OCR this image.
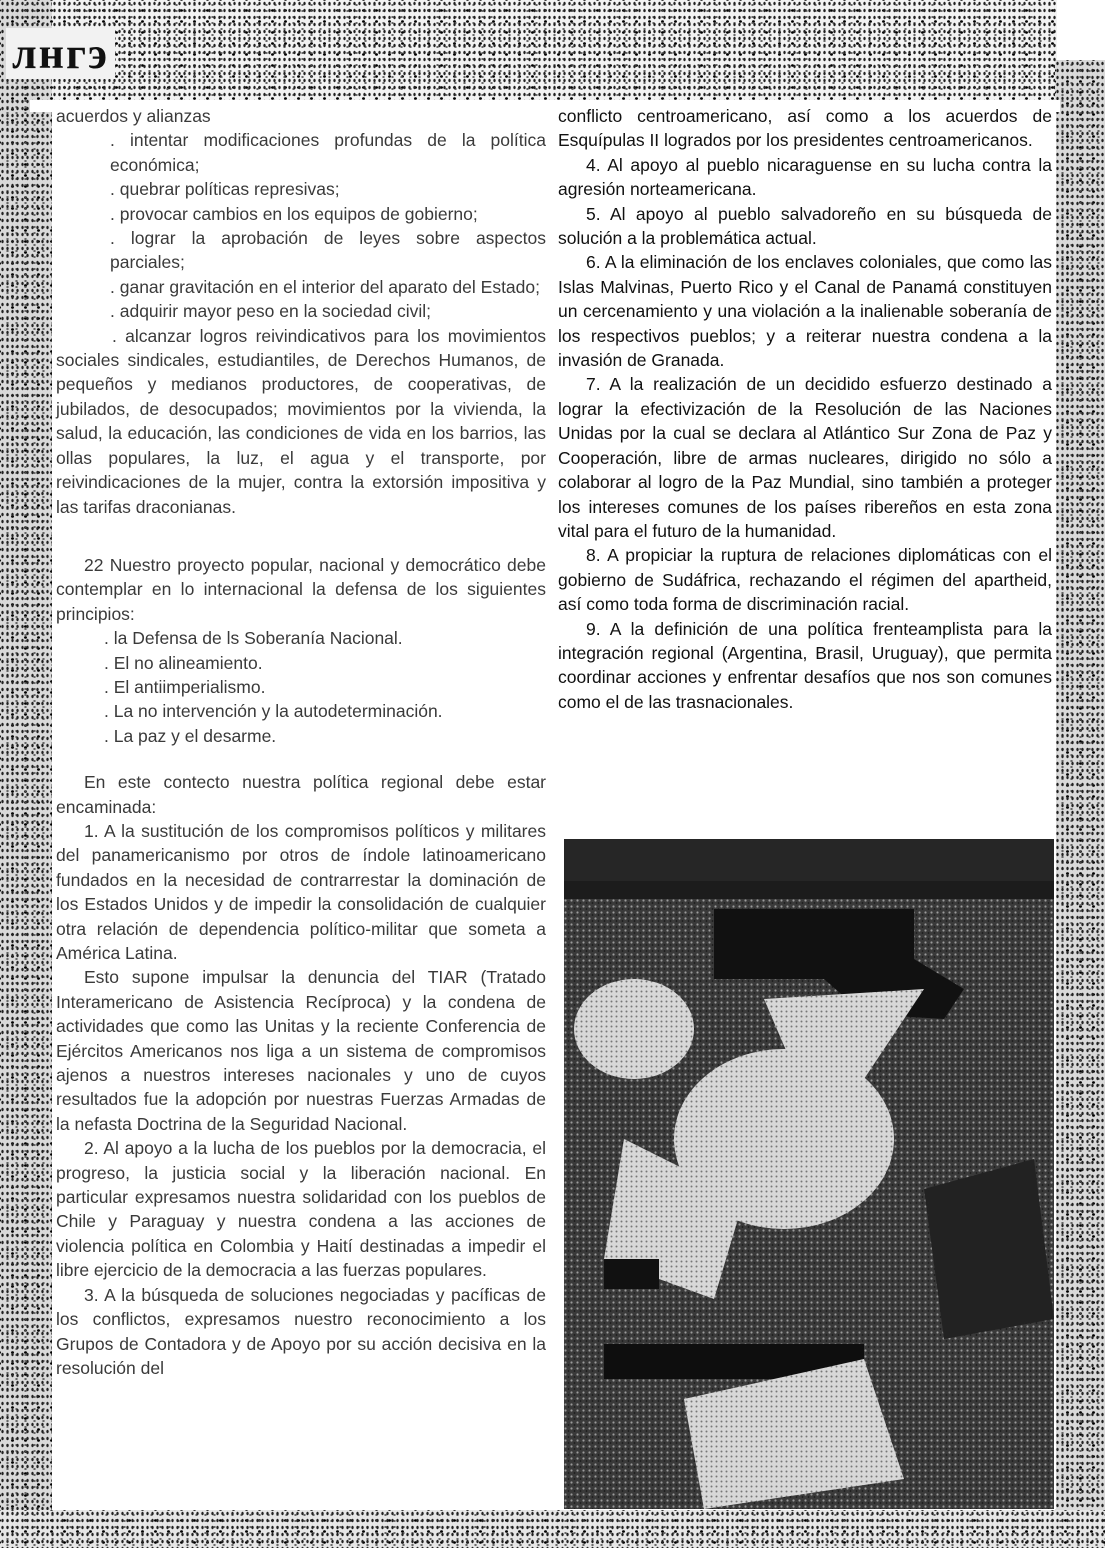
лнгэ

acuerdos y alianzas

. intentar modificaciones profundas de la política económica;

. quebrar políticas represivas;

. provocar cambios en los equipos de gobierno;

. lograr la aprobación de leyes sobre aspectos parciales;

. ganar gravitación en el interior del aparato del Estado;

. adquirir mayor peso en la sociedad civil;

. alcanzar logros reivindicativos para los movimientos sociales sindicales, estudiantiles, de Derechos Humanos, de pequeños y medianos productores, de cooperativas, de jubilados, de desocupados; movimientos por la vivienda, la salud, la educación, las condiciones de vida en los barrios, las ollas populares, la luz, el agua y el transporte, por reivindicaciones de la mujer, contra la extorsión impositiva y las tarifas draconianas.

22 Nuestro proyecto popular, nacional y democrático debe contemplar en lo internacional la defensa de los siguientes principios:

. la Defensa de ls Soberanía Nacional.

. El no alineamiento.

. El antiimperialismo.

. La no intervención y la autodeterminación.

. La paz y el desarme.

En este contecto nuestra política regional debe estar encaminada:

1. A la sustitución de los compromisos políticos y militares del panamericanismo por otros de índole latinoamericano fundados en la necesidad de contrarrestar la dominación de los Estados Unidos y de impedir la consolidación de cualquier otra relación de dependencia político-militar que someta a América Latina.

Esto supone impulsar la denuncia del TIAR (Tratado Interamericano de Asistencia Recíproca) y la condena de actividades que como las Unitas y la reciente Conferencia de Ejércitos Americanos nos liga a un sistema de compromisos ajenos a nuestros intereses nacionales y uno de cuyos resultados fue la adopción por nuestras Fuerzas Armadas de la nefasta Doctrina de la Seguridad Nacional.

2. Al apoyo a la lucha de los pueblos por la democracia, el progreso, la justicia social y la liberación nacional. En particular expresamos nuestra solidaridad con los pueblos de Chile y Paraguay y nuestra condena a las acciones de violencia política en Colombia y Haití destinadas a impedir el libre ejercicio de la democracia a las fuerzas populares.

3. A la búsqueda de soluciones negociadas y pacíficas de los conflictos, expresamos nuestro reconocimiento a los Grupos de Contadora y de Apoyo por su acción decisiva en la resolución del

conflicto centroamericano, así como a los acuerdos de Esquípulas II logrados por los presidentes centroamericanos.

4. Al apoyo al pueblo nicaraguense en su lucha contra la agresión norteamericana.

5. Al apoyo al pueblo salvadoreño en su búsqueda de solución a la problemática actual.

6. A la eliminación de los enclaves coloniales, que como las Islas Malvinas, Puerto Rico y el Canal de Panamá constituyen un cercenamiento y una violación a la inalienable soberanía de los respectivos pueblos; y a reiterar nuestra condena a la invasión de Granada.

7. A la realización de un decidido esfuerzo destinado a lograr la efectivización de la Resolución de las Naciones Unidas por la cual se declara al Atlántico Sur Zona de Paz y Cooperación, libre de armas nucleares, dirigido no sólo a colaborar al logro de la Paz Mundial, sino también a proteger los intereses comunes de los países ribereños en esta zona vital para el futuro de la humanidad.

8. A propiciar la ruptura de relaciones diplomáticas con el gobierno de Sudáfrica, rechazando el régimen del apartheid, así como toda forma de discriminación racial.

9. A la definición de una política frenteamplista para la integración regional (Argentina, Brasil, Uruguay), que permita coordinar acciones y enfrentar desafíos que nos son comunes como el de las trasnacionales.
